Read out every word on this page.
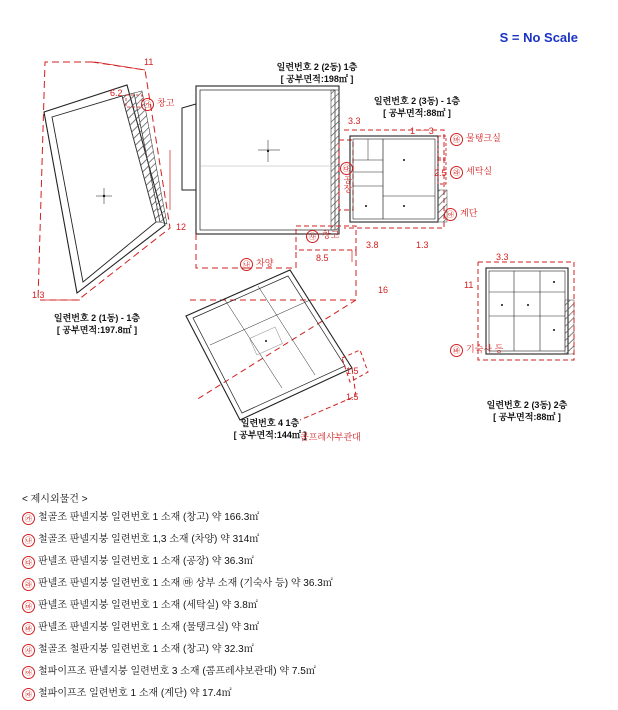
S = No Scale
일련번호 2 (2동) 1층
[ 공부면적:198㎡ ]
일련번호 2 (3동) - 1층
[ 공부면적:88㎡ ]
일련번호 2 (1동) - 1층
[ 공부면적:197.8㎡ ]
일련번호 4 1층
[ 공부면적:144㎡ ]
일련번호 2 (3동) 2층
[ 공부면적:88㎡ ]
㉮ 창고
㉰
공장
㉯ 차양
㉴ 창고
㉲ 물탱크실
㉱ 세탁실
㉵ 계단
㉳ 기숙사 등
콤프레샤부관대
11
6.2
12
1.3
8.5
16
3.3
1 ㅡ 3
2.5
1.3
3.8
1.5
1.5
3.3
11
< 제시외물건 >
㉮ 철골조 판넬지붕 일련번호 1 소재 (창고) 약 166.3㎡
㉯ 철골조 판넬지붕 일련번호 1,3 소재 (차양) 약 314㎡
㉰ 판넬조 판넬지붕 일련번호 1 소재 (공장) 약 36.3㎡
㉱ 판넬조 판넬지붕 일련번호 1 소재 ㉲ 상부 소재 (기숙사 등) 약 36.3㎡
㉲ 판넬조 판넬지붕 일련번호 1 소재 (세탁실) 약 3.8㎡
㉳ 판넬조 판넬지붕 일련번호 1 소재 (물탱크실) 약 3㎡
㉴ 철골조 철판지붕 일련번호 1 소재 (창고) 약 32.3㎡
㉵ 철파이프조 판넬지붕 일련번호 3 소재 (콤프레샤보관대) 약 7.5㎡
㉶ 철파이프조 일련번호 1 소재 (계단) 약 17.4㎡
